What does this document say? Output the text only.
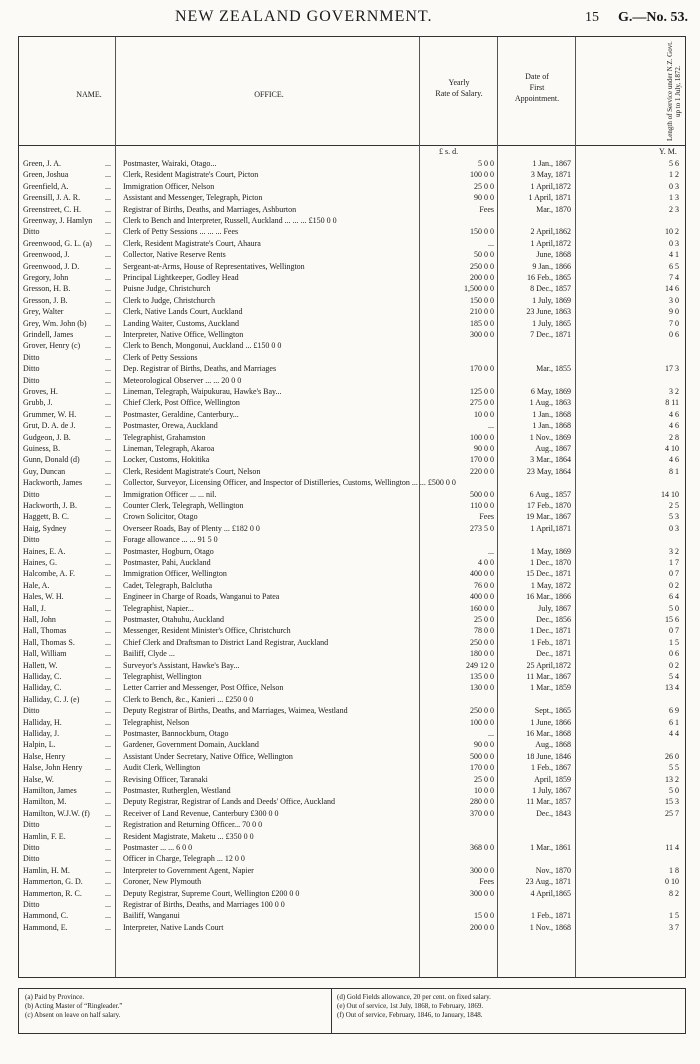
NEW ZEALAND GOVERNMENT.	15 G.—No. 53.
NAME.	OFFICE.
Yearly
Rate of Salary.
Date of
First
Appointment.	Length of Service under N.Z. Govt. up to 1 July, 1872.
£ s. d.	Y. M.
Green, J. A.	...	Postmaster, Wairaki, Otago...	5 0 0	1 Jan., 1867	5 6
Green, Joshua	...	Clerk, Resident Magistrate's Court, Picton	100 0 0	3 May, 1871	1 2
Greenfield, A.	...	Immigration Officer, Nelson	25 0 0	1 April,1872	0 3
Greensill, J. A. R.	...	Assistant and Messenger, Telegraph, Picton	90 0 0	1 April, 1871	1 3
Greenstreet, C. H.	...	Registrar of Births, Deaths, and Marriages, Ashburton	Fees	Mar., 1870	2 3
Greenway, J. Hamlyn	...	Clerk to Bench and Interpreter, Russell, Auckland ... ... ... £150 0 0
Ditto	...	Clerk of Petty Sessions ... ... ... Fees	150 0 0	2 April,1862	10 2
Greenwood, G. L. (a)	...	Clerk, Resident Magistrate's Court, Ahaura	...	1 April,1872	0 3
Greenwood, J.	...	Collector, Native Reserve Rents	50 0 0	June, 1868	4 1
Greenwood, J. D.	...	Sergeant-at-Arms, House of Representatives, Wellington	250 0 0	9 Jan., 1866	6 5
Gregory, John	...	Principal Lightkeeper, Godley Head	200 0 0	16 Feb., 1865	7 4
Gresson, H. B.	...	Puisne Judge, Christchurch	1,500 0 0	8 Dec., 1857	14 6
Gresson, J. B.	...	Clerk to Judge, Christchurch	150 0 0	1 July, 1869	3 0
Grey, Walter	...	Clerk, Native Lands Court, Auckland	210 0 0	23 June, 1863	9 0
Grey, Wm. John (b)	...	Landing Waiter, Customs, Auckland	185 0 0	1 July, 1865	7 0
Grindell, James	...	Interpreter, Native Office, Wellington	300 0 0	7 Dec., 1871	0 6
Grover, Henry (c)	...	Clerk to Bench, Mongonui, Auckland ... £150 0 0
Ditto	...	Clerk of Petty Sessions
Ditto	...	Dep. Registrar of Births, Deaths, and Marriages	170 0 0	Mar., 1855	17 3
Ditto	...	Meteorological Observer ... ... 20 0 0
Groves, H.	...	Lineman, Telegraph, Waipukurau, Hawke's Bay...	125 0 0	6 May, 1869	3 2
Grubb, J.	...	Chief Clerk, Post Office, Wellington	275 0 0	1 Aug., 1863	8 11
Grummer, W. H.	...	Postmaster, Geraldine, Canterbury...	10 0 0	1 Jan., 1868	4 6
Grut, D. A. de J.	...	Postmaster, Orewa, Auckland	...	1 Jan., 1868	4 6
Gudgeon, J. B.	...	Telegraphist, Grahamston	100 0 0	1 Nov., 1869	2 8
Guiness, B.	...	Lineman, Telegraph, Akaroa	90 0 0	Aug., 1867	4 10
Gunn, Donald (d)	...	Locker, Customs, Hokitika	170 0 0	3 Mar., 1864	4 6
Guy, Duncan	...	Clerk, Resident Magistrate's Court, Nelson	220 0 0	23 May, 1864	8 1
Hackworth, James	...	Collector, Surveyor, Licensing Officer, and Inspector of Distilleries, Customs, Wellington ... ... £500 0 0
Ditto	...	Immigration Officer ... ... nil.	500 0 0	6 Aug., 1857	14 10
Hackworth, J. B.	...	Counter Clerk, Telegraph, Wellington	110 0 0	17 Feb., 1870	2 5
Haggett, B. C.	...	Crown Solicitor, Otago	Fees	19 Mar., 1867	5 3
Haig, Sydney	...	Overseer Roads, Bay of Plenty ... £182 0 0	273 5 0	1 April,1871	0 3
Ditto	...	Forage allowance ... ... 91 5 0
Haines, E. A.	...	Postmaster, Hogburn, Otago	...	1 May, 1869	3 2
Haines, G.	...	Postmaster, Pahi, Auckland	4 0 0	1 Dec., 1870	1 7
Halcombe, A. F.	...	Immigration Officer, Wellington	400 0 0	15 Dec., 1871	0 7
Hale, A.	...	Cadet, Telegraph, Balclutha	76 0 0	1 May, 1872	0 2
Hales, W. H.	...	Engineer in Charge of Roads, Wanganui to Patea	400 0 0	16 Mar., 1866	6 4
Hall, J.	...	Telegraphist, Napier...	160 0 0	July, 1867	5 0
Hall, John	...	Postmaster, Otahuhu, Auckland	25 0 0	Dec., 1856	15 6
Hall, Thomas	...	Messenger, Resident Minister's Office, Christchurch	78 0 0	1 Dec., 1871	0 7
Hall, Thomas S.	...	Chief Clerk and Draftsman to District Land Registrar, Auckland	250 0 0	1 Feb., 1871	1 5
Hall, William	...	Bailiff, Clyde ...	180 0 0	Dec., 1871	0 6
Hallett, W.	...	Surveyor's Assistant, Hawke's Bay...	249 12 0	25 April,1872	0 2
Halliday, C.	...	Telegraphist, Wellington	135 0 0	11 Mar., 1867	5 4
Halliday, C.	...	Letter Carrier and Messenger, Post Office, Nelson	130 0 0	1 Mar., 1859	13 4
Halliday, C. J. (e)	...	Clerk to Bench, &c., Kanieri ... £250 0 0
Ditto	...	Deputy Registrar of Births, Deaths, and Marriages, Waimea, Westland	250 0 0	Sept., 1865	6 9
Halliday, H.	...	Telegraphist, Nelson	100 0 0	1 June, 1866	6 1
Halliday, J.	...	Postmaster, Bannockburn, Otago	...	16 Mar., 1868	4 4
Halpin, L.	...	Gardener, Government Domain, Auckland	90 0 0	Aug., 1868
Halse, Henry	...	Assistant Under Secretary, Native Office, Wellington	500 0 0	18 June, 1846	26 0
Halse, John Henry	...	Audit Clerk, Wellington	170 0 0	1 Feb., 1867	5 5
Halse, W.	...	Revising Officer, Taranaki	25 0 0	April, 1859	13 2
Hamilton, James	...	Postmaster, Rutherglen, Westland	10 0 0	1 July, 1867	5 0
Hamilton, M.	...	Deputy Registrar, Registrar of Lands and Deeds' Office, Auckland	280 0 0	11 Mar., 1857	15 3
Hamilton, W.J.W. (f)	...	Receiver of Land Revenue, Canterbury £300 0 0	370 0 0	Dec., 1843	25 7
Ditto	...	Registration and Returning Officer... 70 0 0
Hamlin, F. E.	...	Resident Magistrate, Maketu ... £350 0 0
Ditto	...	Postmaster ... ... 6 0 0	368 0 0	1 Mar., 1861	11 4
Ditto	...	Officer in Charge, Telegraph ... 12 0 0
Hamlin, H. M.	...	Interpreter to Government Agent, Napier	300 0 0	Nov., 1870	1 8
Hammerton, G. D.	...	Coroner, New Plymouth	Fees	23 Aug., 1871	0 10
Hammerton, R. C.	...	Deputy Registrar, Supreme Court, Wellington £200 0 0	300 0 0	4 April,1865	8 2
Ditto	...	Registrar of Births, Deaths, and Marriages 100 0 0
Hammond, C.	...	Bailiff, Wanganui	15 0 0	1 Feb., 1871	1 5
Hammond, E.	...	Interpreter, Native Lands Court	200 0 0	1 Nov., 1868	3 7
(a) Paid by Province.
(b) Acting Master of “Ringleader.”
(c) Absent on leave on half salary.
(d) Gold Fields allowance, 20 per cent. on fixed salary.
(e) Out of service, 1st July, 1868, to February, 1869.
(f) Out of service, February, 1846, to January, 1848.
